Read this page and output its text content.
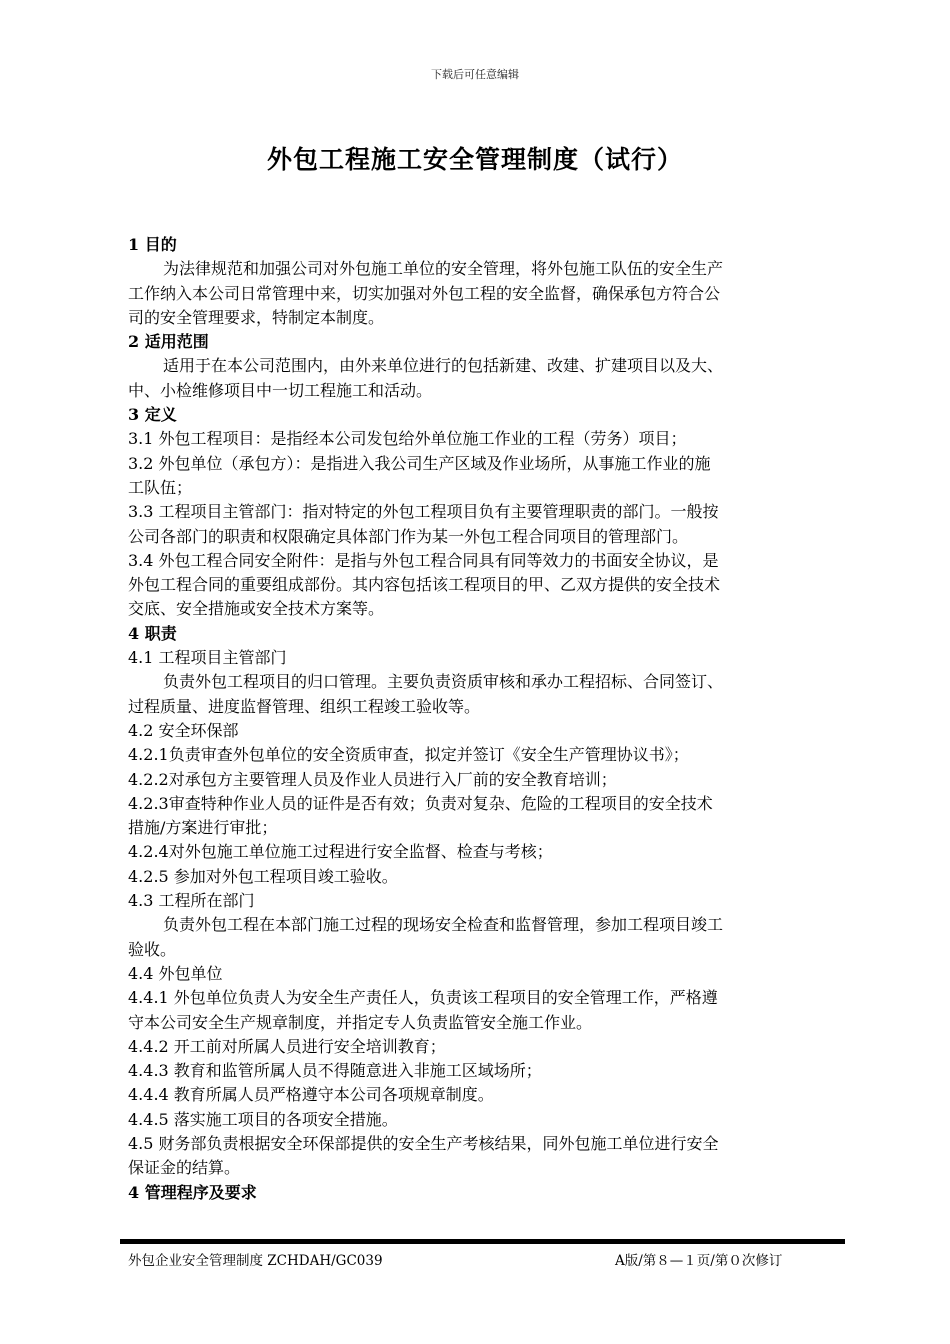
下载后可任意编辑
外包工程施工安全管理制度（试行）
1 目的
为法律规范和加强公司对外包施工单位的安全管理，将外包施工队伍的安全生产
工作纳入本公司日常管理中来，切实加强对外包工程的安全监督，确保承包方符合公
司的安全管理要求，特制定本制度。
2 适用范围
适用于在本公司范围内，由外来单位进行的包括新建、改建、扩建项目以及大、
中、小检维修项目中一切工程施工和活动。
3 定义
3.1 外包工程项目：是指经本公司发包给外单位施工作业的工程（劳务）项目；
3.2 外包单位（承包方）：是指进入我公司生产区域及作业场所，从事施工作业的施
工队伍；
3.3 工程项目主管部门：指对特定的外包工程项目负有主要管理职责的部门。一般按
公司各部门的职责和权限确定具体部门作为某一外包工程合同项目的管理部门。
3.4 外包工程合同安全附件：是指与外包工程合同具有同等效力的书面安全协议，是
外包工程合同的重要组成部份。其内容包括该工程项目的甲、乙双方提供的安全技术
交底、安全措施或安全技术方案等。
4 职责
4.1 工程项目主管部门
负责外包工程项目的归口管理。主要负责资质审核和承办工程招标、合同签订、
过程质量、进度监督管理、组织工程竣工验收等。
4.2 安全环保部
4.2.1负责审查外包单位的安全资质审查，拟定并签订《安全生产管理协议书》；
4.2.2对承包方主要管理人员及作业人员进行入厂前的安全教育培训；
4.2.3审查特种作业人员的证件是否有效；负责对复杂、危险的工程项目的安全技术
措施/方案进行审批；
4.2.4对外包施工单位施工过程进行安全监督、检查与考核；
4.2.5 参加对外包工程项目竣工验收。
4.3 工程所在部门
负责外包工程在本部门施工过程的现场安全检查和监督管理，参加工程项目竣工
验收。
4.4 外包单位
4.4.1 外包单位负责人为安全生产责任人，负责该工程项目的安全管理工作，严格遵
守本公司安全生产规章制度，并指定专人负责监管安全施工作业。
4.4.2 开工前对所属人员进行安全培训教育；
4.4.3 教育和监管所属人员不得随意进入非施工区域场所；
4.4.4 教育所属人员严格遵守本公司各项规章制度。
4.4.5 落实施工项目的各项安全措施。
4.5 财务部负责根据安全环保部提供的安全生产考核结果，同外包施工单位进行安全
保证金的结算。
4 管理程序及要求
外包企业安全管理制度 ZCHDAH/GC039	A版/第８—１页/第０次修订
